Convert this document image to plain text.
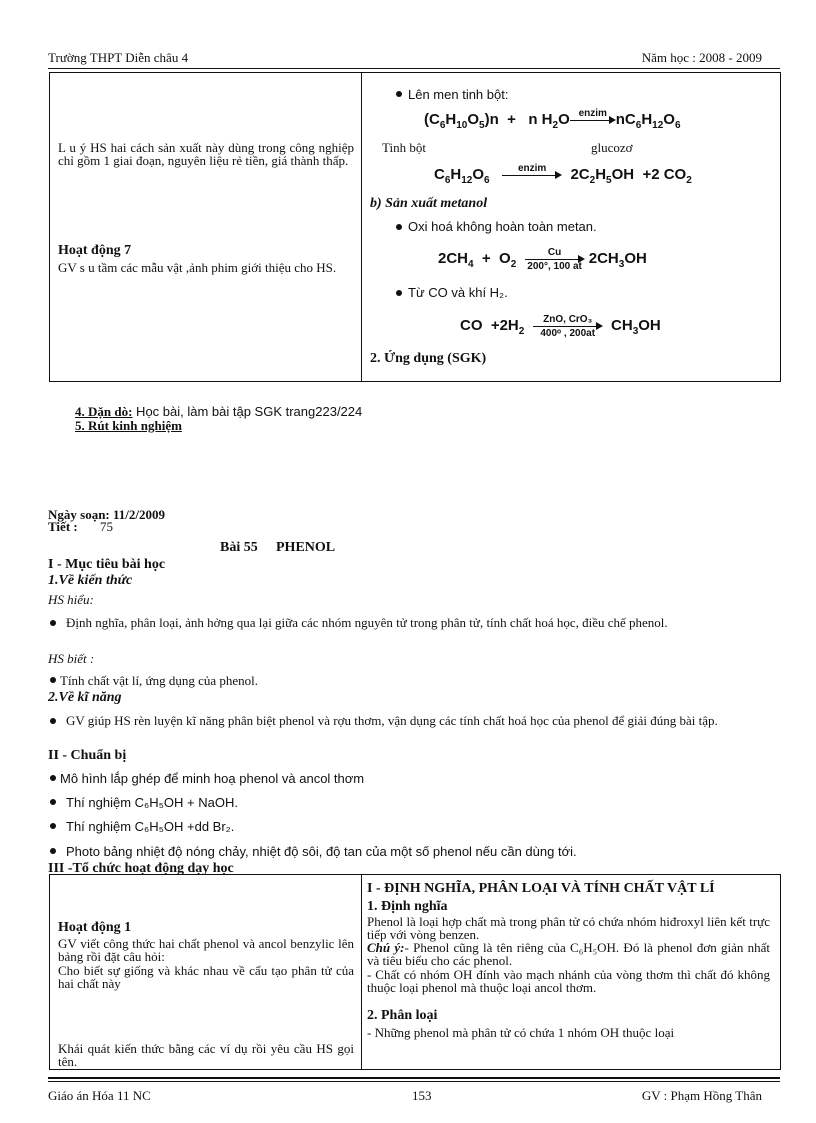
Trường THPT Diễn châu 4	Năm học : 2008 - 2009
L u ý HS hai cách sản xuất này dùng trong công nghiệp chỉ gồm 1 giai đoạn, nguyên liệu rẻ tiền, giá thành thấp.
Hoạt động 7
GV s u tầm các mẫu vật ,ảnh phim giới thiệu cho HS.

Lên men tinh bột:
$(C_6H_{10}O_5)n + n$ $H_2O$ enzim $nC_6H_{12}O_6$
Tinh bột	glucozơ
$C_6H_{12}O_6$
enzim	$2C_2H_5OH +2$ $CO_2$
b) Sản xuất metanol
Oxi hoá không hoàn toàn metan.
$2CH_4 + O_2 \frac{Cu}{200^\circ, 100 at} 2CH_3OH$
Từ CO và khí H₂.
CO  $+2H_2$
ZnO, CrO₃
400ᵒ , 200at $CH_3OH$
2. Ứng dụng (SGK)
4. Dặn dò: Học bài, làm bài tập SGK trang223/224
5. Rút kinh nghiệm
Ngày soạn: 11/2/2009
Tiết : 75
Bài 55 PHENOL
I - Mục tiêu bài học
1.Về kiến thức
HS hiểu:
Định nghĩa, phân loại, ảnh hởng qua lại giữa các nhóm nguyên tử trong phân tử, tính chất hoá học, điều chế phenol.
HS biết :
Tính chất vật lí, ứng dụng của phenol.
2.Về kĩ năng
GV giúp HS rèn luyện kĩ năng phân biệt phenol và rợu thơm, vận dụng các tính chất hoá học của phenol để giải đúng bài tập.
II - Chuẩn bị
Mô hình lắp ghép để minh hoạ phenol và ancol thơm
Thí nghiệm C₆H₅OH + NaOH.
Thí nghiệm C₆H₅OH +dd Br₂.
Photo bảng nhiệt độ nóng chảy, nhiệt độ sôi, độ tan của một số phenol nếu cần dùng tới.
III -Tổ chức hoạt động dạy học
Hoạt động 1
GV viết công thức hai chất phenol và ancol benzylic lên bảng rồi đặt câu hỏi:
Cho biết sự giống và khác nhau về cấu tạo phân tử của hai chất này
Khái quát kiến thức bằng các ví dụ rồi yêu cầu HS gọi tên.

I - ĐỊNH NGHĨA, PHÂN LOẠI VÀ TÍNH CHẤT VẬT LÍ
1. Định nghĩa
Phenol là loại hợp chất mà trong phân tử có chứa nhóm hiđroxyl liên kết trực tiếp với vòng benzen.
Chú ý:- Phenol cũng là tên riêng của C₆H₅OH. Đó là phenol đơn giản nhất và tiêu biểu cho các phenol.
- Chất có nhóm OH đính vào mạch nhánh của vòng thơm thì chất đó không thuộc loại phenol mà thuộc loại ancol thơm.
2. Phân loại
- Những phenol mà phân tử có chứa 1 nhóm OH thuộc loại
Giáo án Hóa 11 NC	153	GV : Phạm Hồng Thân
